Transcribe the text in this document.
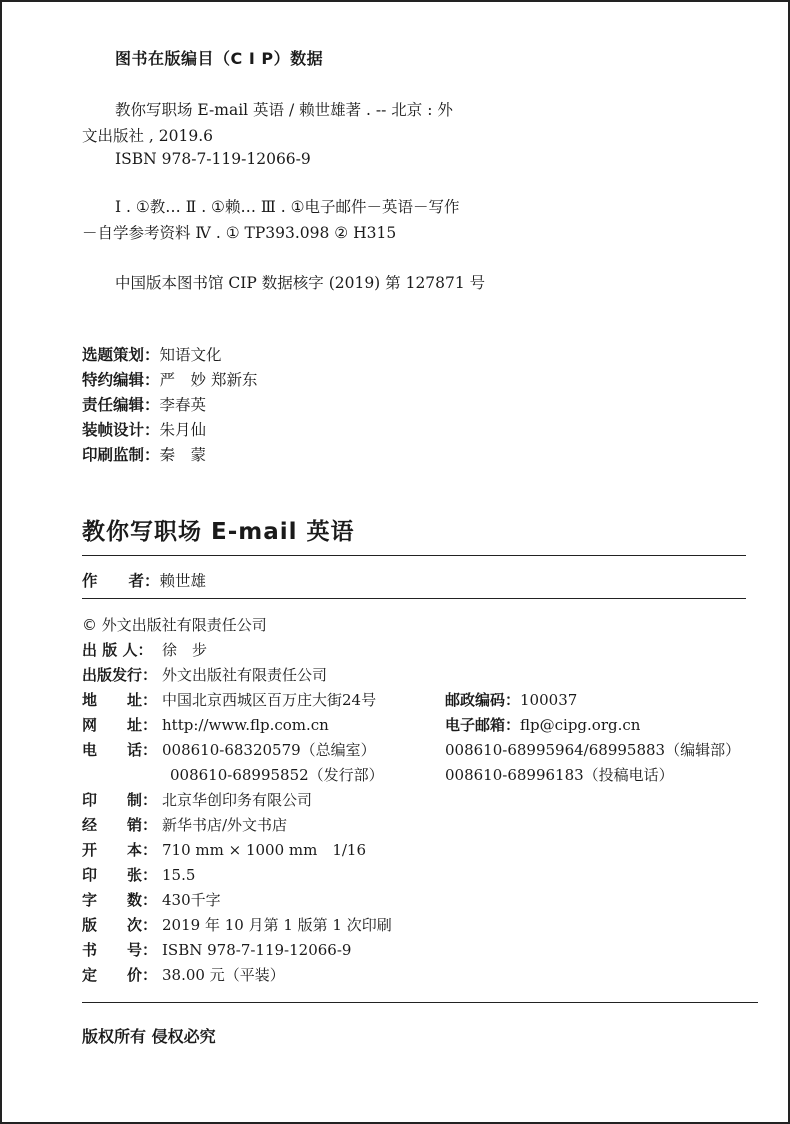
图书在版编目（C I P）数据
教你写职场 E-mail 英语 / 赖世雄著 . -- 北京 : 外
文出版社 , 2019.6
ISBN 978-7-119-12066-9
Ⅰ . ①教… Ⅱ . ①赖… Ⅲ . ①电子邮件－英语－写作
－自学参考资料 Ⅳ . ① TP393.098 ② H315
中国版本图书馆 CIP 数据核字 (2019) 第 127871 号
选题策划：知语文化
特约编辑：严　妙 郑新东
责任编辑：李春英
装帧设计：朱月仙
印刷监制：秦　蒙
教你写职场 E-mail 英语
作　　者：赖世雄
© 外文出版社有限责任公司
出 版 人： 徐　步
出版发行： 外文出版社有限责任公司
地　　址： 中国北京西城区百万庄大街24号
网　　址： http://www.flp.com.cn
电　　话： 008610-68320579（总编室）
008610-68995852（发行部）
印　　制： 北京华创印务有限公司
经　　销： 新华书店/外文书店
开　　本： 710 mm × 1000 mm　1/16
印　　张： 15.5
字　　数： 430千字
版　　次： 2019 年 10 月第 1 版第 1 次印刷
书　　号： ISBN 978-7-119-12066-9
定　　价： 38.00 元（平装）
邮政编码：100037
电子邮箱：flp@cipg.org.cn
008610-68995964/68995883（编辑部）
008610-68996183（投稿电话）
版权所有 侵权必究
